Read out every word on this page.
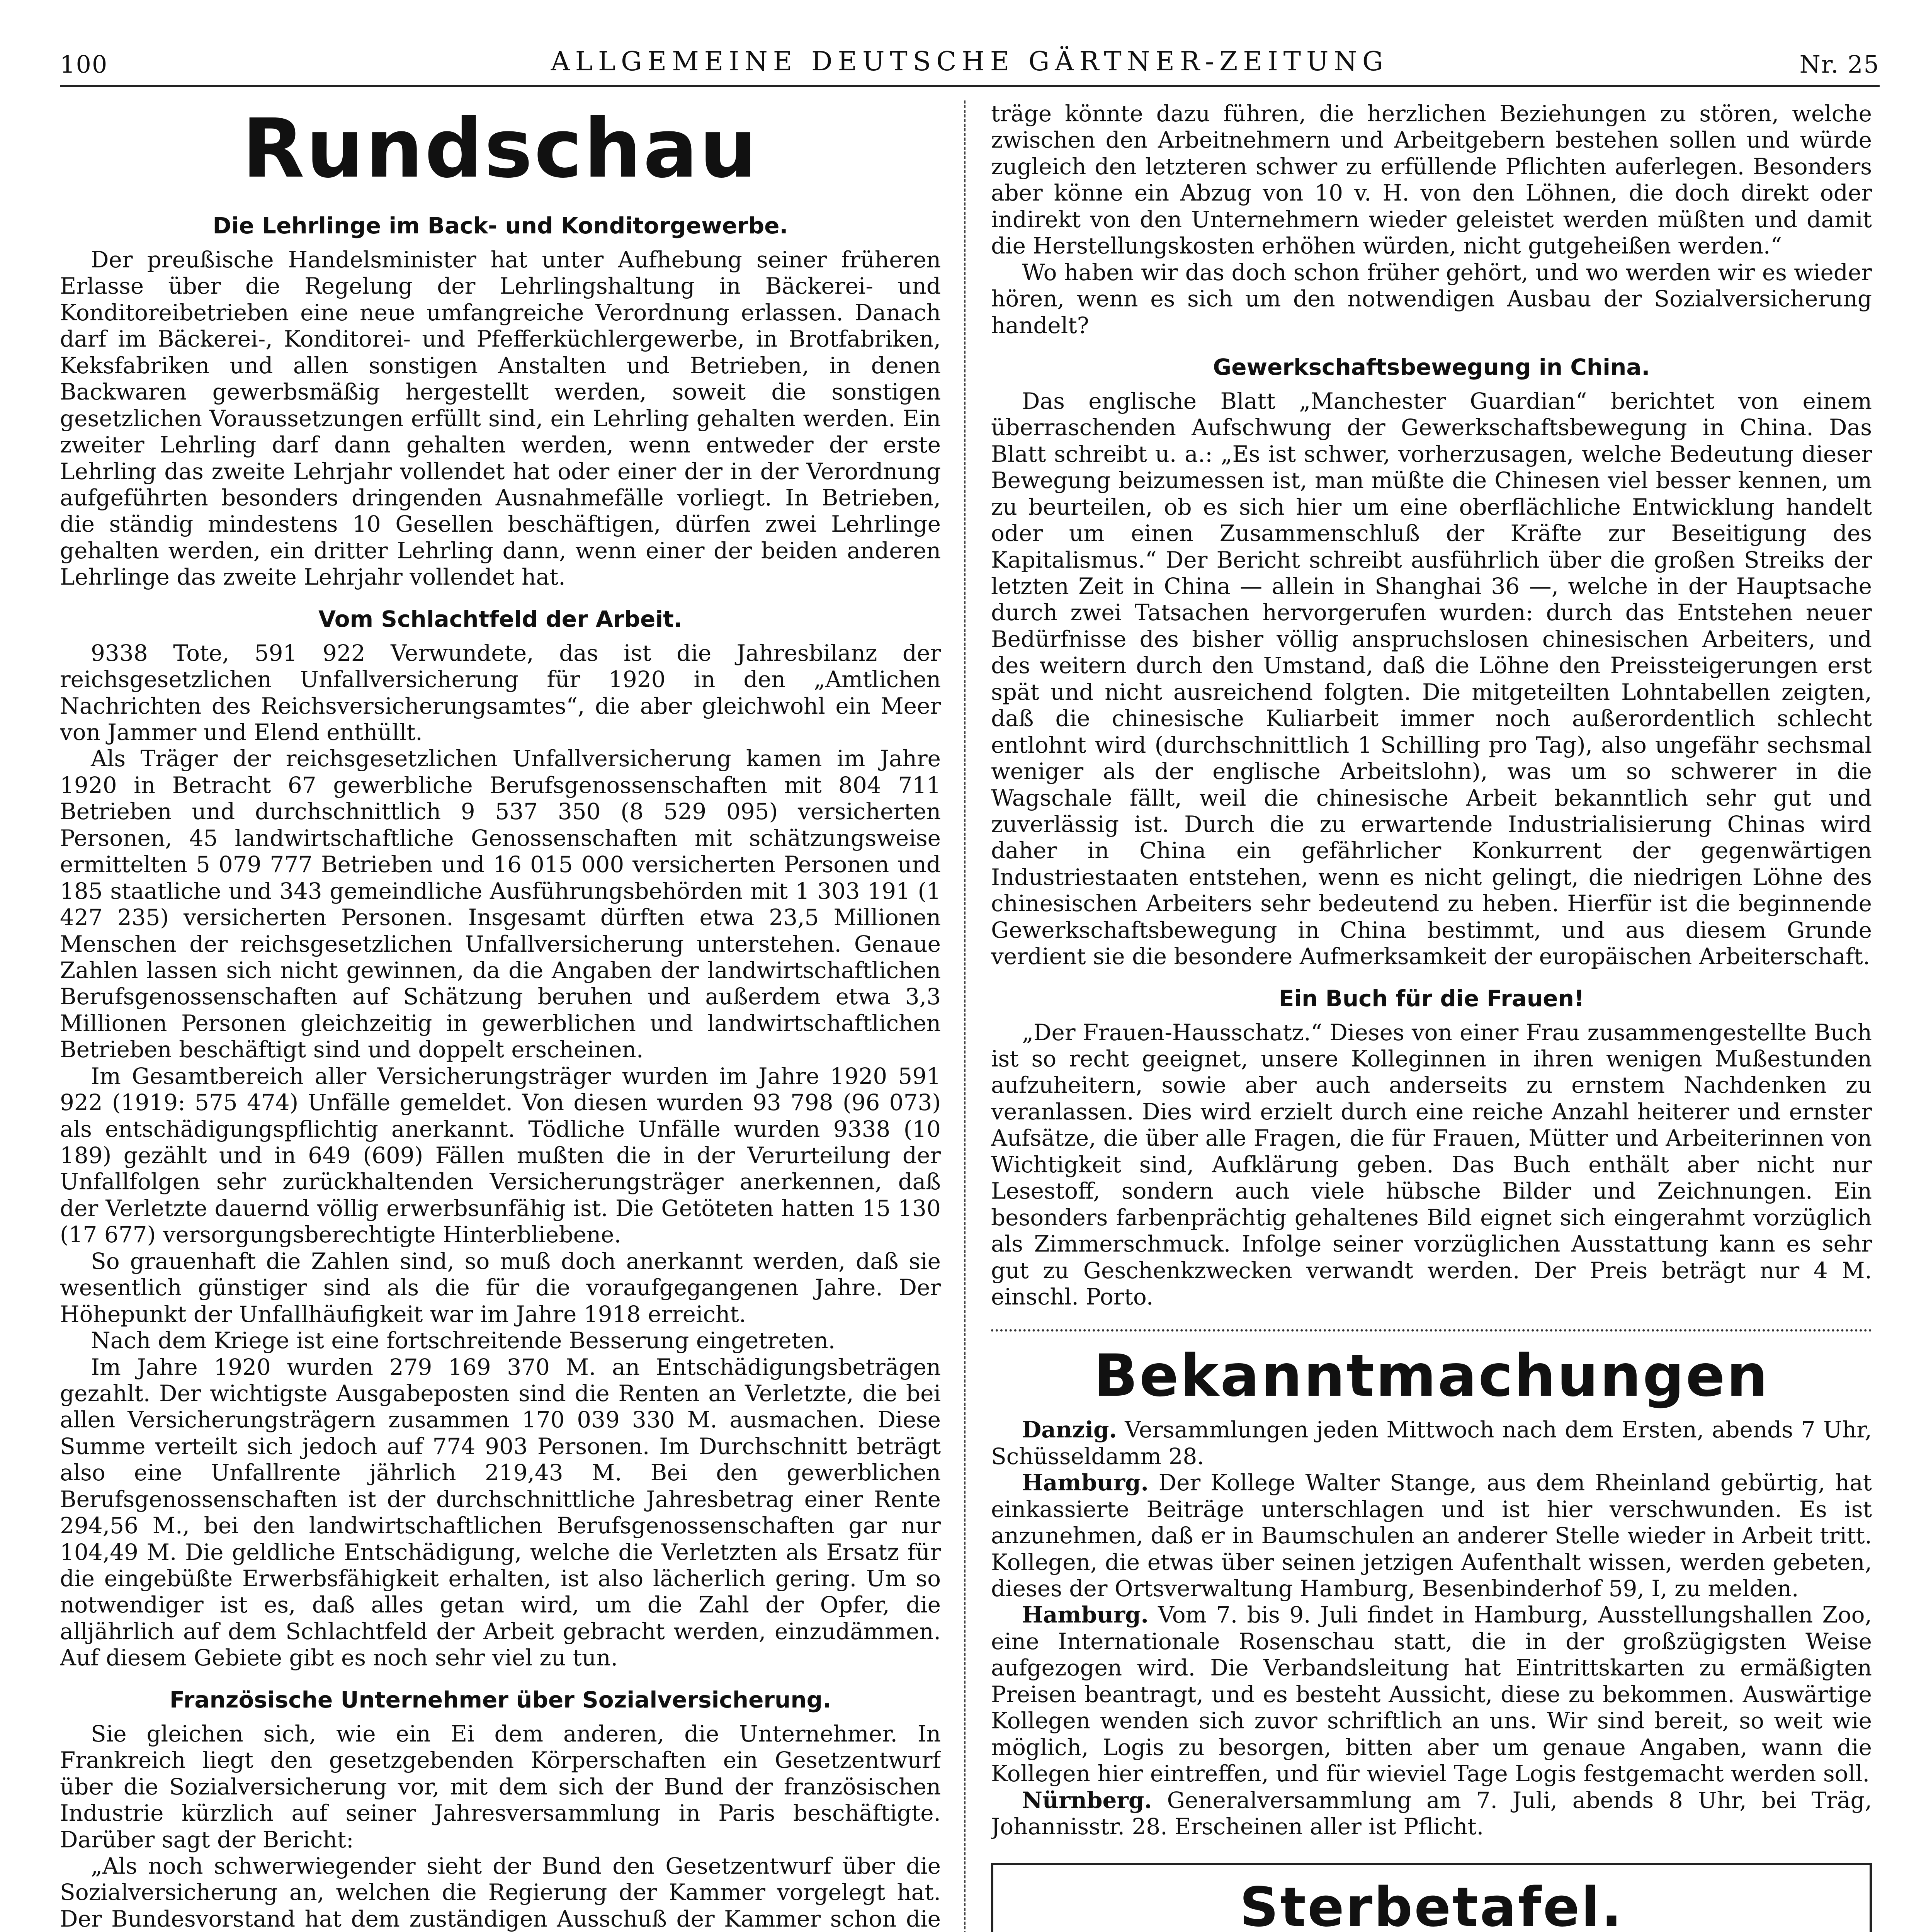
100	ALLGEMEINE DEUTSCHE GÄRTNER-ZEITUNG	Nr. 25
Rundschau
Die Lehrlinge im Back- und Konditorgewerbe.

Der preußische Handelsminister hat unter Aufhebung seiner früheren Erlasse über die Regelung der Lehrlingshaltung in Bäckerei- und Konditoreibetrieben eine neue umfangreiche Verordnung erlassen. Danach darf im Bäckerei-, Konditorei- und Pfefferküchlergewerbe, in Brotfabriken, Keksfabriken und allen sonstigen Anstalten und Betrieben, in denen Backwaren gewerbsmäßig hergestellt werden, soweit die sonstigen gesetzlichen Voraussetzungen erfüllt sind, ein Lehrling gehalten werden. Ein zweiter Lehrling darf dann gehalten werden, wenn entweder der erste Lehrling das zweite Lehrjahr vollendet hat oder einer der in der Verordnung aufgeführten besonders dringenden Ausnahmefälle vorliegt. In Betrieben, die ständig mindestens 10 Gesellen beschäftigen, dürfen zwei Lehrlinge gehalten werden, ein dritter Lehrling dann, wenn einer der beiden anderen Lehrlinge das zweite Lehrjahr vollendet hat.

Vom Schlachtfeld der Arbeit.

9338 Tote, 591 922 Verwundete, das ist die Jahresbilanz der reichsgesetzlichen Unfallversicherung für 1920 in den „Amtlichen Nachrichten des Reichsversicherungsamtes“, die aber gleichwohl ein Meer von Jammer und Elend enthüllt.

Als Träger der reichsgesetzlichen Unfallversicherung kamen im Jahre 1920 in Betracht 67 gewerbliche Berufsgenossenschaften mit 804 711 Betrieben und durchschnittlich 9 537 350 (8 529 095) versicherten Personen, 45 landwirtschaftliche Genossenschaften mit schätzungsweise ermittelten 5 079 777 Betrieben und 16 015 000 versicherten Personen und 185 staatliche und 343 gemeindliche Ausführungsbehörden mit 1 303 191 (1 427 235) versicherten Personen. Insgesamt dürften etwa 23,5 Millionen Menschen der reichsgesetzlichen Unfallversicherung unterstehen. Genaue Zahlen lassen sich nicht gewinnen, da die Angaben der landwirtschaftlichen Berufsgenossenschaften auf Schätzung beruhen und außerdem etwa 3,3 Millionen Personen gleichzeitig in gewerblichen und landwirtschaftlichen Betrieben beschäftigt sind und doppelt erscheinen.

Im Gesamtbereich aller Versicherungsträger wurden im Jahre 1920 591 922 (1919: 575 474) Unfälle gemeldet. Von diesen wurden 93 798 (96 073) als entschädigungspflichtig anerkannt. Tödliche Unfälle wurden 9338 (10 189) gezählt und in 649 (609) Fällen mußten die in der Verurteilung der Unfallfolgen sehr zurückhaltenden Versicherungsträger anerkennen, daß der Verletzte dauernd völlig erwerbsunfähig ist. Die Getöteten hatten 15 130 (17 677) versorgungsberechtigte Hinterbliebene.

So grauenhaft die Zahlen sind, so muß doch anerkannt werden, daß sie wesentlich günstiger sind als die für die voraufgegangenen Jahre. Der Höhepunkt der Unfallhäufigkeit war im Jahre 1918 erreicht.

Nach dem Kriege ist eine fortschreitende Besserung eingetreten.

Im Jahre 1920 wurden 279 169 370 M. an Entschädigungsbeträgen gezahlt. Der wichtigste Ausgabeposten sind die Renten an Verletzte, die bei allen Versicherungsträgern zusammen 170 039 330 M. ausmachen. Diese Summe verteilt sich jedoch auf 774 903 Personen. Im Durchschnitt beträgt also eine Unfallrente jährlich 219,43 M. Bei den gewerblichen Berufsgenossenschaften ist der durchschnittliche Jahresbetrag einer Rente 294,56 M., bei den landwirtschaftlichen Berufsgenossenschaften gar nur 104,49 M. Die geldliche Entschädigung, welche die Verletzten als Ersatz für die eingebüßte Erwerbsfähigkeit erhalten, ist also lächerlich gering. Um so notwendiger ist es, daß alles getan wird, um die Zahl der Opfer, die alljährlich auf dem Schlachtfeld der Arbeit gebracht werden, einzudämmen. Auf diesem Gebiete gibt es noch sehr viel zu tun.

Französische Unternehmer über Sozialversicherung.

Sie gleichen sich, wie ein Ei dem anderen, die Unternehmer. In Frankreich liegt den gesetzgebenden Körperschaften ein Gesetzentwurf über die Sozialversicherung vor, mit dem sich der Bund der französischen Industrie kürzlich auf seiner Jahresversammlung in Paris beschäftigte. Darüber sagt der Bericht:

„Als noch schwerwiegender sieht der Bund den Gesetzentwurf über die Sozialversicherung an, welchen die Regierung der Kammer vorgelegt hat. Der Bundesvorstand hat dem zuständigen Ausschuß der Kammer schon die

träge könnte dazu führen, die herzlichen Beziehungen zu stören, welche zwischen den Arbeitnehmern und Arbeitgebern bestehen sollen und würde zugleich den letzteren schwer zu erfüllende Pflichten auferlegen. Besonders aber könne ein Abzug von 10 v. H. von den Löhnen, die doch direkt oder indirekt von den Unternehmern wieder geleistet werden müßten und damit die Herstellungskosten erhöhen würden, nicht gutgeheißen werden.“

Wo haben wir das doch schon früher gehört, und wo werden wir es wieder hören, wenn es sich um den notwendigen Ausbau der Sozialversicherung handelt?

Gewerkschaftsbewegung in China.

Das englische Blatt „Manchester Guardian“ berichtet von einem überraschenden Aufschwung der Gewerkschaftsbewegung in China. Das Blatt schreibt u. a.: „Es ist schwer, vorherzusagen, welche Bedeutung dieser Bewegung beizumessen ist, man müßte die Chinesen viel besser kennen, um zu beurteilen, ob es sich hier um eine oberflächliche Entwicklung handelt oder um einen Zusammenschluß der Kräfte zur Beseitigung des Kapitalismus.“ Der Bericht schreibt ausführlich über die großen Streiks der letzten Zeit in China — allein in Shanghai 36 —, welche in der Hauptsache durch zwei Tatsachen hervorgerufen wurden: durch das Entstehen neuer Bedürfnisse des bisher völlig anspruchslosen chinesischen Arbeiters, und des weitern durch den Umstand, daß die Löhne den Preissteigerungen erst spät und nicht ausreichend folgten. Die mitgeteilten Lohntabellen zeigten, daß die chinesische Kuliarbeit immer noch außerordentlich schlecht entlohnt wird (durchschnittlich 1 Schilling pro Tag), also ungefähr sechsmal weniger als der englische Arbeitslohn), was um so schwerer in die Wagschale fällt, weil die chinesische Arbeit bekanntlich sehr gut und zuverlässig ist. Durch die zu erwartende Industrialisierung Chinas wird daher in China ein gefährlicher Konkurrent der gegenwärtigen Industriestaaten entstehen, wenn es nicht gelingt, die niedrigen Löhne des chinesischen Arbeiters sehr bedeutend zu heben. Hierfür ist die beginnende Gewerkschaftsbewegung in China bestimmt, und aus diesem Grunde verdient sie die besondere Aufmerksamkeit der europäischen Arbeiterschaft.

Ein Buch für die Frauen!

„Der Frauen-Hausschatz.“ Dieses von einer Frau zusammengestellte Buch ist so recht geeignet, unsere Kolleginnen in ihren wenigen Mußestunden aufzuheitern, sowie aber auch anderseits zu ernstem Nachdenken zu veranlassen. Dies wird erzielt durch eine reiche Anzahl heiterer und ernster Aufsätze, die über alle Fragen, die für Frauen, Mütter und Arbeiterinnen von Wichtigkeit sind, Aufklärung geben. Das Buch enthält aber nicht nur Lesestoff, sondern auch viele hübsche Bilder und Zeichnungen. Ein besonders farbenprächtig gehaltenes Bild eignet sich eingerahmt vorzüglich als Zimmerschmuck. Infolge seiner vorzüglichen Ausstattung kann es sehr gut zu Geschenkzwecken verwandt werden. Der Preis beträgt nur 4 M. einschl. Porto.

Bekanntmachungen

Danzig. Versammlungen jeden Mittwoch nach dem Ersten, abends 7 Uhr, Schüsseldamm 28.

Hamburg. Der Kollege Walter Stange, aus dem Rheinland gebürtig, hat einkassierte Beiträge unterschlagen und ist hier verschwunden. Es ist anzunehmen, daß er in Baumschulen an anderer Stelle wieder in Arbeit tritt. Kollegen, die etwas über seinen jetzigen Aufenthalt wissen, werden gebeten, dieses der Ortsverwaltung Hamburg, Besenbinderhof 59, I, zu melden.

Hamburg. Vom 7. bis 9. Juli findet in Hamburg, Ausstellungshallen Zoo, eine Internationale Rosenschau statt, die in der großzügigsten Weise aufgezogen wird. Die Verbandsleitung hat Eintrittskarten zu ermäßigten Preisen beantragt, und es besteht Aussicht, diese zu bekommen. Auswärtige Kollegen wenden sich zuvor schriftlich an uns. Wir sind bereit, so weit wie möglich, Logis zu besorgen, bitten aber um genaue Angaben, wann die Kollegen hier eintreffen, und für wieviel Tage Logis festgemacht werden soll.

Nürnberg. Generalversammlung am 7. Juli, abends 8 Uhr, bei Träg, Johannisstr. 28. Erscheinen aller ist Pflicht.

Sterbetafel.
